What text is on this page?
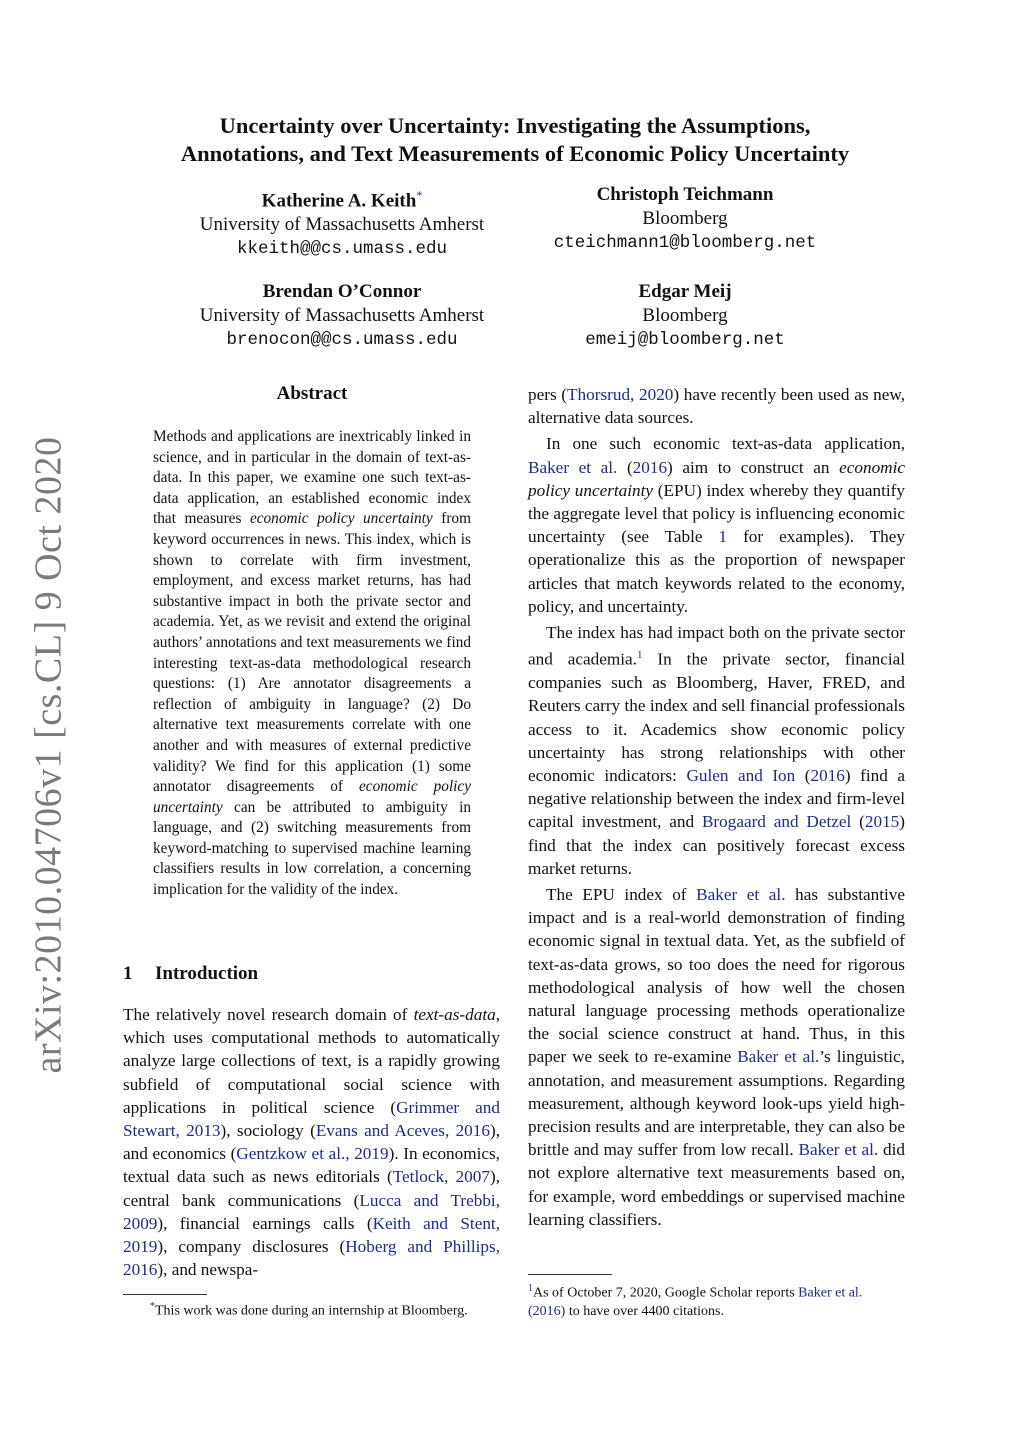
arXiv:2010.04706v1 [cs.CL] 9 Oct 2020
Uncertainty over Uncertainty: Investigating the Assumptions,
Annotations, and Text Measurements of Economic Policy Uncertainty
Katherine A. Keith*
University of Massachusetts Amherst
kkeith@@cs.umass.edu
Christoph Teichmann
Bloomberg
cteichmann1@bloomberg.net
Brendan O’Connor
University of Massachusetts Amherst
brenocon@@cs.umass.edu
Edgar Meij
Bloomberg
emeij@bloomberg.net
Abstract

Methods and applications are inextricably linked in science, and in particular in the domain of text-as-data. In this paper, we examine one such text-as-data application, an established economic index that measures economic policy uncertainty from keyword occurrences in news. This index, which is shown to correlate with firm investment, employment, and excess market returns, has had substantive impact in both the private sector and academia. Yet, as we revisit and extend the original authors’ annotations and text measurements we find interesting text-as-data methodological research questions: (1) Are annotator disagreements a reflection of ambiguity in language? (2) Do alternative text measurements correlate with one another and with measures of external predictive validity? We find for this application (1) some annotator disagreements of economic policy uncertainty can be attributed to ambiguity in language, and (2) switching measurements from keyword-matching to supervised machine learning classifiers results in low correlation, a concerning implication for the validity of the index.

1 Introduction

The relatively novel research domain of text-as-data, which uses computational methods to automatically analyze large collections of text, is a rapidly growing subfield of computational social science with applications in political science (Grimmer and Stewart, 2013), sociology (Evans and Aceves, 2016), and economics (Gentzkow et al., 2019). In economics, textual data such as news editorials (Tetlock, 2007), central bank communications (Lucca and Trebbi, 2009), financial earnings calls (Keith and Stent, 2019), company disclosures (Hoberg and Phillips, 2016), and newspa-

*This work was done during an internship at Bloomberg.

pers (Thorsrud, 2020) have recently been used as new, alternative data sources.

In one such economic text-as-data application, Baker et al. (2016) aim to construct an economic policy uncertainty (EPU) index whereby they quantify the aggregate level that policy is influencing economic uncertainty (see Table 1 for examples). They operationalize this as the proportion of newspaper articles that match keywords related to the economy, policy, and uncertainty.

The index has had impact both on the private sector and academia.$^1$ In the private sector, financial companies such as Bloomberg, Haver, FRED, and Reuters carry the index and sell financial professionals access to it. Academics show economic policy uncertainty has strong relationships with other economic indicators: Gulen and Ion (2016) find a negative relationship between the index and firm-level capital investment, and Brogaard and Detzel (2015) find that the index can positively forecast excess market returns.

The EPU index of Baker et al. has substantive impact and is a real-world demonstration of finding economic signal in textual data. Yet, as the subfield of text-as-data grows, so too does the need for rigorous methodological analysis of how well the chosen natural language processing methods operationalize the social science construct at hand. Thus, in this paper we seek to re-examine Baker et al.’s linguistic, annotation, and measurement assumptions. Regarding measurement, although keyword look-ups yield high-precision results and are interpretable, they can also be brittle and may suffer from low recall. Baker et al. did not explore alternative text measurements based on, for example, word embeddings or supervised machine learning classifiers.

$^1$As of October 7, 2020, Google Scholar reports Baker et al.
(2016) to have over 4400 citations.
